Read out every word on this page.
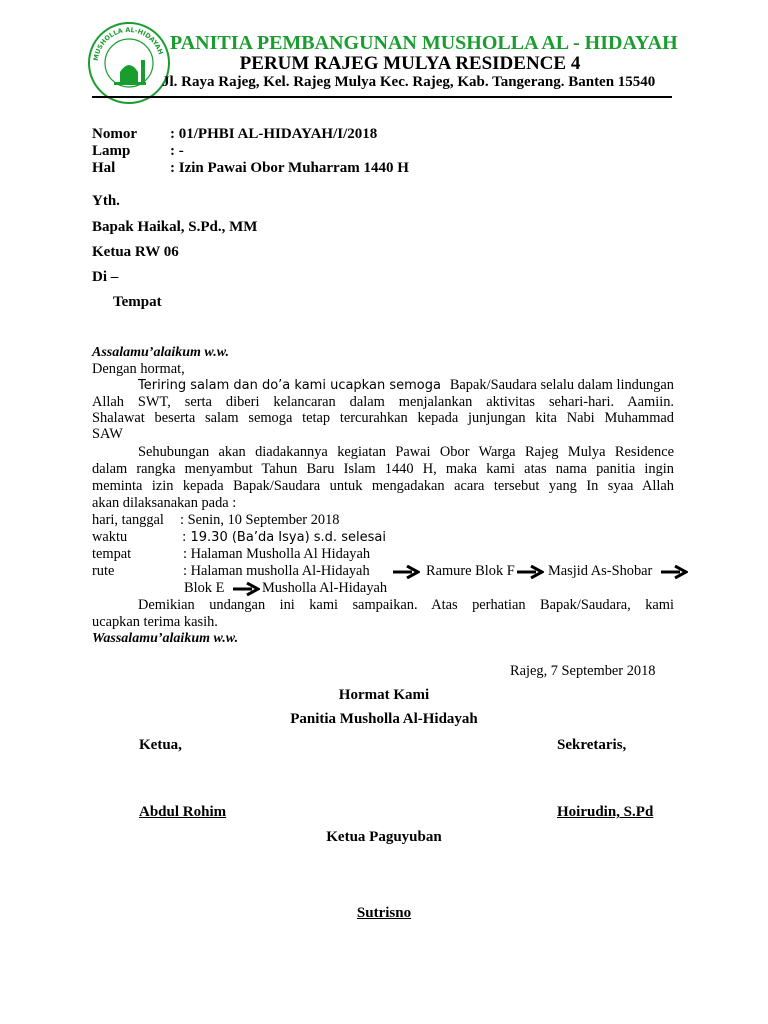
MUSHOLLA AL-HIDAYAH PANITIA PEMBANGUNAN MUSHOLLA AL - HIDAYAH
PERUM RAJEG MULYA RESIDENCE 4
Jl. Raya Rajeg, Kel. Rajeg Mulya Kec. Rajeg, Kab. Tangerang. Banten 15540
Nomor : 01/PHBI AL-HIDAYAH/I/2018
Lamp	: -
Hal	: Izin Pawai Obor Muharram 1440 H
Yth.
Bapak Haikal, S.Pd., MM
Ketua RW 06
Di –
Tempat
Assalamu’alaikum w.w.
Dengan hormat,
Teriring salam dan do’a kami ucapkan semoga Bapak/Saudara selalu dalam lindungan
Allah SWT, serta diberi kelancaran dalam menjalankan aktivitas sehari-hari. Aamiin.
Shalawat beserta salam semoga tetap tercurahkan kepada junjungan kita Nabi Muhammad
SAW
Sehubungan akan diadakannya kegiatan Pawai Obor Warga Rajeg Mulya Residence
dalam rangka menyambut Tahun Baru Islam 1440 H, maka kami atas nama panitia ingin
meminta izin kepada Bapak/Saudara untuk mengadakan acara tersebut yang In syaa Allah
akan dilaksanakan pada :
hari, tanggal : Senin, 10 September 2018
waktu	: 19.30 (Ba’da Isya) s.d. selesai
tempat	: Halaman Musholla Al Hidayah
rute	: Halaman musholla Al-Hidayah	Ramure Blok F Masjid As-Shobar
Blok E	Musholla Al-Hidayah
Demikian undangan ini kami sampaikan. Atas perhatian Bapak/Saudara, kami
ucapkan terima kasih.
Wassalamu’alaikum w.w.
Rajeg, 7 September 2018
Hormat Kami
Panitia Musholla Al-Hidayah
Ketua,	Sekretaris,
Abdul Rohim	Hoirudin, S.Pd
Ketua Paguyuban
Sutrisno
